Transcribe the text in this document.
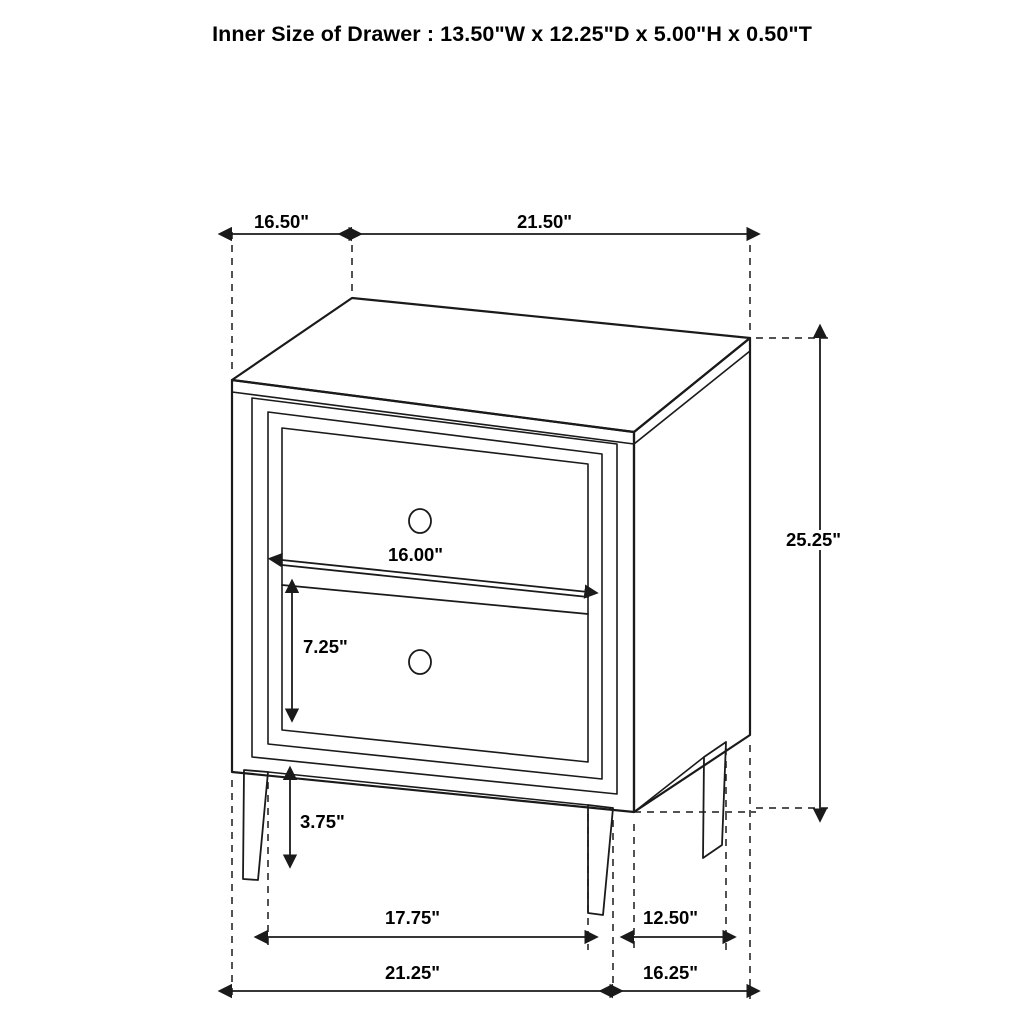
Inner Size of Drawer : 13.50"W x 12.25"D x 5.00"H x 0.50"T
16.50"	21.50"
25.25"
16.00"
7.25"
3.75"
17.75"	12.50"
21.25"	16.25"
